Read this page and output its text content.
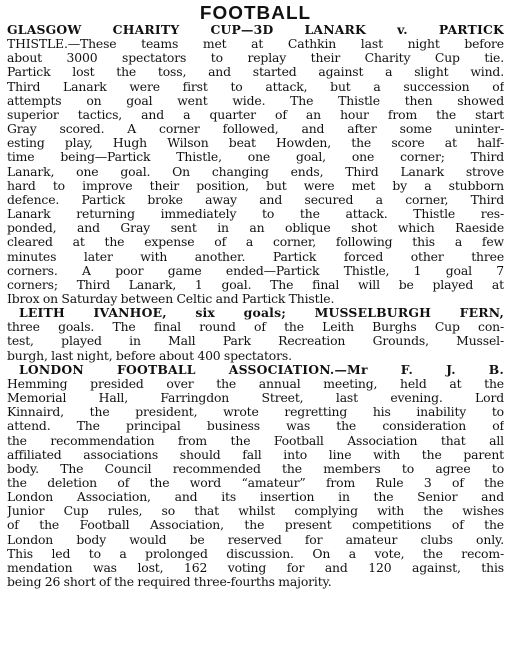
FOOTBALL
GLASGOW CHARITY CUP—3D LANARK v. PARTICK
THISTLE.—These teams met at Cathkin last night before
about 3000 spectators to replay their Charity Cup tie.
Partick lost the toss, and started against a slight wind.
Third Lanark were first to attack, but a succession of
attempts on goal went wide. The Thistle then showed
superior tactics, and a quarter of an hour from the start
Gray scored. A corner followed, and after some uninter-
esting play, Hugh Wilson beat Howden, the score at half-
time being—Partick Thistle, one goal, one corner; Third
Lanark, one goal. On changing ends, Third Lanark strove
hard to improve their position, but were met by a stubborn
defence. Partick broke away and secured a corner, Third
Lanark returning immediately to the attack. Thistle res-
ponded, and Gray sent in an oblique shot which Raeside
cleared at the expense of a corner, following this a few
minutes later with another. Partick forced other three
corners. A poor game ended—Partick Thistle, 1 goal 7
corners; Third Lanark, 1 goal. The final will be played at
Ibrox on Saturday between Celtic and Partick Thistle.
LEITH IVANHOE, six goals; MUSSELBURGH FERN,
three goals. The final round of the Leith Burghs Cup con-
test, played in Mall Park Recreation Grounds, Mussel-
burgh, last night, before about 400 spectators.
LONDON FOOTBALL ASSOCIATION.—Mr F. J. B.
Hemming presided over the annual meeting, held at the
Memorial Hall, Farringdon Street, last evening. Lord
Kinnaird, the president, wrote regretting his inability to
attend. The principal business was the consideration of
the recommendation from the Football Association that all
affiliated associations should fall into line with the parent
body. The Council recommended the members to agree to
the deletion of the word “amateur” from Rule 3 of the
London Association, and its insertion in the Senior and
Junior Cup rules, so that whilst complying with the wishes
of the Football Association, the present competitions of the
London body would be reserved for amateur clubs only.
This led to a prolonged discussion. On a vote, the recom-
mendation was lost, 162 voting for and 120 against, this
being 26 short of the required three-fourths majority.
